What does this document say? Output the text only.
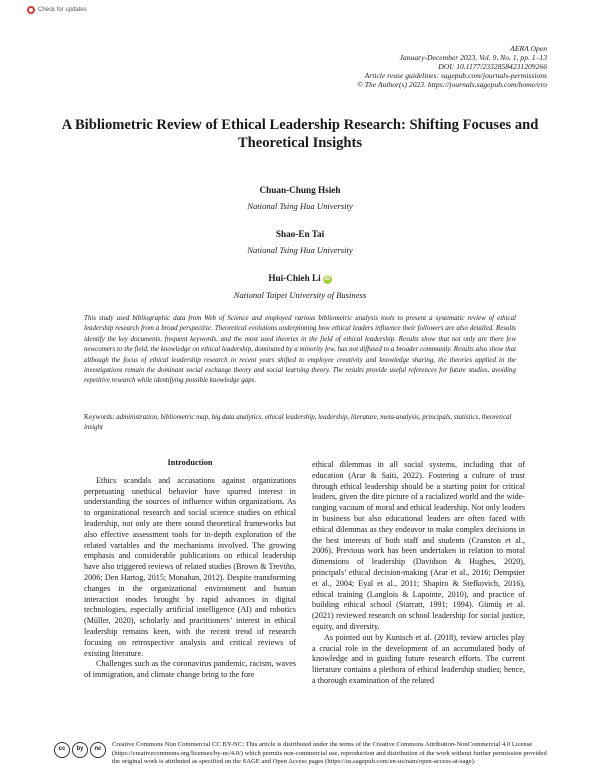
Check for updates
AERA Open
January-December 2023, Vol. 9, No. 1, pp. 1–13
DOI: 10.1177/23328584231209266
Article reuse guidelines: sagepub.com/journals-permissions
© The Author(s) 2023. https://journals.sagepub.com/home/ero
A Bibliometric Review of Ethical Leadership Research: Shifting Focuses and Theoretical Insights
Chuan-Chung Hsieh
National Tsing Hua University
Shao-En Tai
National Tsing Hua University
Hui-Chieh Li iD
National Taipei University of Business

This study used bibliographic data from Web of Science and employed various bibliometric analysis tools to present a systematic review of ethical leadership research from a broad perspective. Theoretical evolutions underpinning how ethical leaders influence their followers are also detailed. Results identify the key documents, frequent keywords, and the most used theories in the field of ethical leadership. Results show that not only are there few newcomers to the field, the knowledge on ethical leadership, dominated by a minority few, has not diffused to a broader community. Results also show that although the focus of ethical leadership research in recent years shifted to employee creativity and knowledge sharing, the theories applied in the investigations remain the dominant social exchange theory and social learning theory. The results provide useful references for future studies, avoiding repetitive research while identifying possible knowledge gaps.

Keywords: administration, bibliometric map, big data analytics, ethical leadership, leadership, literature, meta-analysis, principals, statistics, theoretical insight

Introduction

Ethics scandals and accusations against organizations perpetuating unethical behavior have spurred interest in understanding the sources of influence within organizations. As to organizational research and social science studies on ethical leadership, not only are there sound theoretical frameworks but also effective assessment tools for in-depth exploration of the related variables and the mechanisms involved. The growing emphasis and considerable publications on ethical leadership have also triggered reviews of related studies (Brown & Treviño, 2006; Den Hartog, 2015; Monahan, 2012). Despite transforming changes in the organizational environment and human interaction modes brought by rapid advances in digital technologies, especially artificial intelligence (AI) and robotics (Müller, 2020), scholarly and practitioners’ interest in ethical leadership remains keen, with the recent trend of research focusing on retrospective analysis and critical reviews of existing literature.

Challenges such as the coronavirus pandemic, racism, waves of immigration, and climate change bring to the fore

ethical dilemmas in all social systems, including that of education (Arar & Saiti, 2022). Fostering a culture of trust through ethical leadership should be a starting point for critical leaders, given the dire picture of a racialized world and the wide-ranging vacuum of moral and ethical leadership. Not only leaders in business but also educational leaders are often faced with ethical dilemmas as they endeavor to make complex decisions in the best interests of both staff and students (Cranston et al., 2006). Previous work has been undertaken in relation to moral dimensions of leadership (Davidson & Hughes, 2020), principals’ ethical decision-making (Arar et al., 2016; Dempster et al., 2004; Eyal et al., 2011; Shapiro & Stefkovich, 2016), ethical training (Langlois & Lapointe, 2010), and practice of building ethical school (Starratt, 1991; 1994). Gümüş et al. (2021) reviewed research on school leadership for social justice, equity, and diversity.

As pointed out by Kunisch et al. (2018), review articles play a crucial role in the development of an accumulated body of knowledge and in guiding future research efforts. The current literature contains a plethora of ethical leadership studies; hence, a thorough examination of the related

cc	by	nc
Creative Commons Non Commercial CC BY-NC: This article is distributed under the terms of the Creative Commons Attribution-NonCommercial 4.0 License (https://creativecommons.org/licenses/by-nc/4.0/) which permits non-commercial use, reproduction and distribution of the work without further permission provided the original work is attributed as specified on the SAGE and Open Access pages (https://us.sagepub.com/en-us/nam/open-access-at-sage).
